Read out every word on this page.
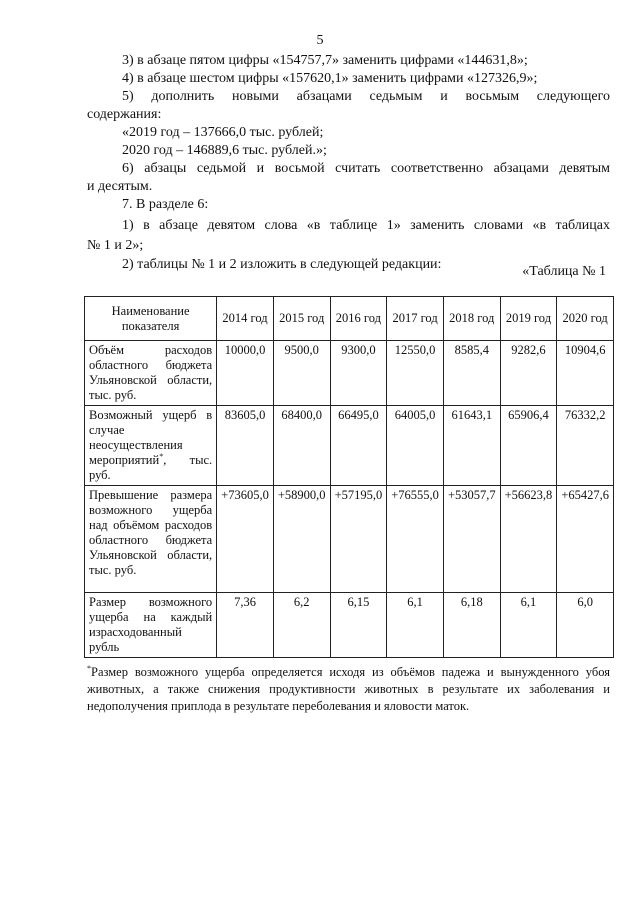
5
3) в абзаце пятом цифры «154757,7» заменить цифрами «144631,8»;
4) в абзаце шестом цифры «157620,1» заменить цифрами «127326,9»;
5) дополнить новыми абзацами седьмым и восьмым следующего
содержания:
«2019 год – 137666,0 тыс. рублей;
2020 год – 146889,6 тыс. рублей.»;
6) абзацы седьмой и восьмой считать соответственно абзацами девятым
и десятым.
7. В разделе 6:
1) в абзаце девятом слова «в таблице 1» заменить словами «в таблицах
№ 1 и 2»;
«Таблица № 1
Наименование показателя	2014 год	2015 год	2016 год	2017 год	2018 год	2019 год	2020 год
Объём расходов областного бюджета Ульяновской области, тыс. руб.	10000,0	9500,0	9300,0	12550,0	8585,4	9282,6	10904,6
Возможный ущерб в случае неосуществления мероприятий*, тыс. руб.	83605,0	68400,0	66495,0	64005,0	61643,1	65906,4	76332,2
Превышение размера возможного ущерба над объёмом расходов областного бюджета Ульяновской области, тыс. руб.	+73605,0	+58900,0	+57195,0	+76555,0	+53057,7	+56623,8	+65427,6
Размер возможного ущерба на каждый израсходованный рубль	7,36	6,2	6,15	6,1	6,18	6,1	6,0
*Размер возможного ущерба определяется исходя из объёмов падежа и вынужденного убоя животных, а также снижения продуктивности животных в результате их заболевания и недополучения приплода в результате переболевания и яловости маток.
2) таблицы № 1 и 2 изложить в следующей редакции:
